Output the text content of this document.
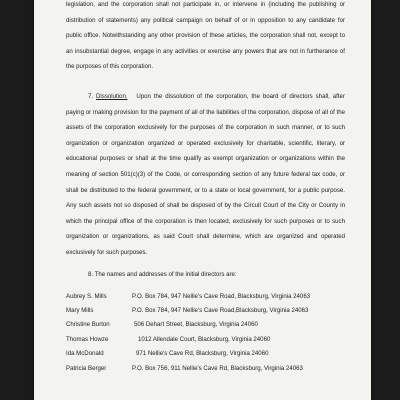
legislation, and the corporation shall not participate in, or intervene in (including the publishing or distribution of statements) any political campaign on behalf of or in opposition to any candidate for public office. Notwithstanding any other provision of these articles, the corporation shall not, except to an insubstantial degree, engage in any activities or exercise any powers that are not in furtherance of the purposes of this corporation.

7. Dissolution. Upon the dissolution of the corporation, the board of directors shall, after paying or making provision for the payment of all of the liabilities of the corporation, dispose of all of the assets of the corporation exclusively for the purposes of the corporation in such manner, or to such organization or organization organized or operated exclusively for charitable, scientific, literary, or educational purposes or shall at the time qualify as exempt organization or organizations within the meaning of section 501(c)(3) of the Code, or corresponding section of any future federal tax code, or shall be distributed to the federal government, or to a state or local government, for a public purpose. Any such assets not so disposed of shall be disposed of by the Circuit Court of the City or County in which the principal office of the corporation is then located, exclusively for such purposes or to such organization or organizations, as said Court shall determine, which are organized and operated exclusively for such purposes.

8. The names and addresses of the initial directors are:
Aubrey S. Mills	P.O. Box 784, 947 Nellie's Cave Road, Blacksburg, Virginia 24063
Mary Mills	P.O. Box 784, 947 Nellie's Cave Road,Blacksburg, Virginia 24063
Christine Burton	506 Dehart Street, Blacksburg, Virginia 24060
Thomas Howze	1012 Allendale Court, Blacksburg, Virginia 24060
Ida McDonald	971 Nellie's Cave Rd, Blacksburg, Virginia 24060
Patricia Berger	P.O. Box 756, 911 Nellie's Cave Rd, Blacksburg, Virginia 24063
